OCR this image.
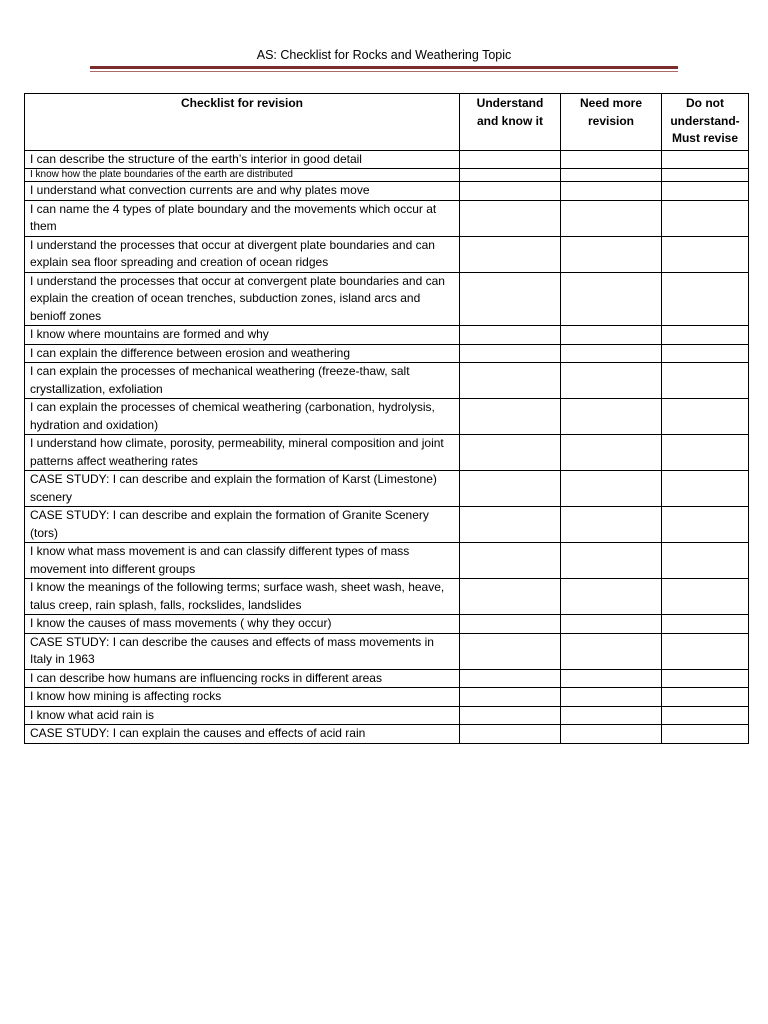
AS: Checklist for Rocks and Weathering Topic
Checklist for revision	Understand and know it	Need more revision	Do not understand- Must revise
I can describe the structure of the earth’s interior in good detail			
I know how the plate boundaries of the earth are distributed			
I understand what convection currents are and why plates move			
I can name the 4 types of plate boundary and the movements which occur at them			
I understand the processes that occur at divergent plate boundaries and can explain sea floor spreading and creation of ocean ridges			
I understand the processes that occur at convergent plate boundaries and can explain the creation of ocean trenches, subduction zones, island arcs and benioff zones			
I know where mountains are formed and why			
I can explain the difference between erosion and weathering			
I can explain the processes of mechanical weathering (freeze-thaw, salt crystallization, exfoliation			
I can explain the processes of chemical weathering (carbonation, hydrolysis, hydration and oxidation)			
I understand how climate, porosity, permeability, mineral composition and joint patterns affect weathering rates			
CASE STUDY: I can describe and explain the formation of Karst (Limestone) scenery			
CASE STUDY: I can describe and explain the formation of Granite Scenery (tors)			
I know what mass movement is and can classify different types of mass movement into different groups			
I know the meanings of the following terms; surface wash, sheet wash, heave, talus creep, rain splash, falls, rockslides, landslides			
I know the causes of mass movements ( why they occur)			
CASE STUDY: I can describe the causes and effects of mass movements in Italy in 1963			
I can describe how humans are influencing rocks in different areas			
I know how mining is affecting rocks			
I know what acid rain is			
CASE STUDY: I can explain the causes and effects of acid rain			
